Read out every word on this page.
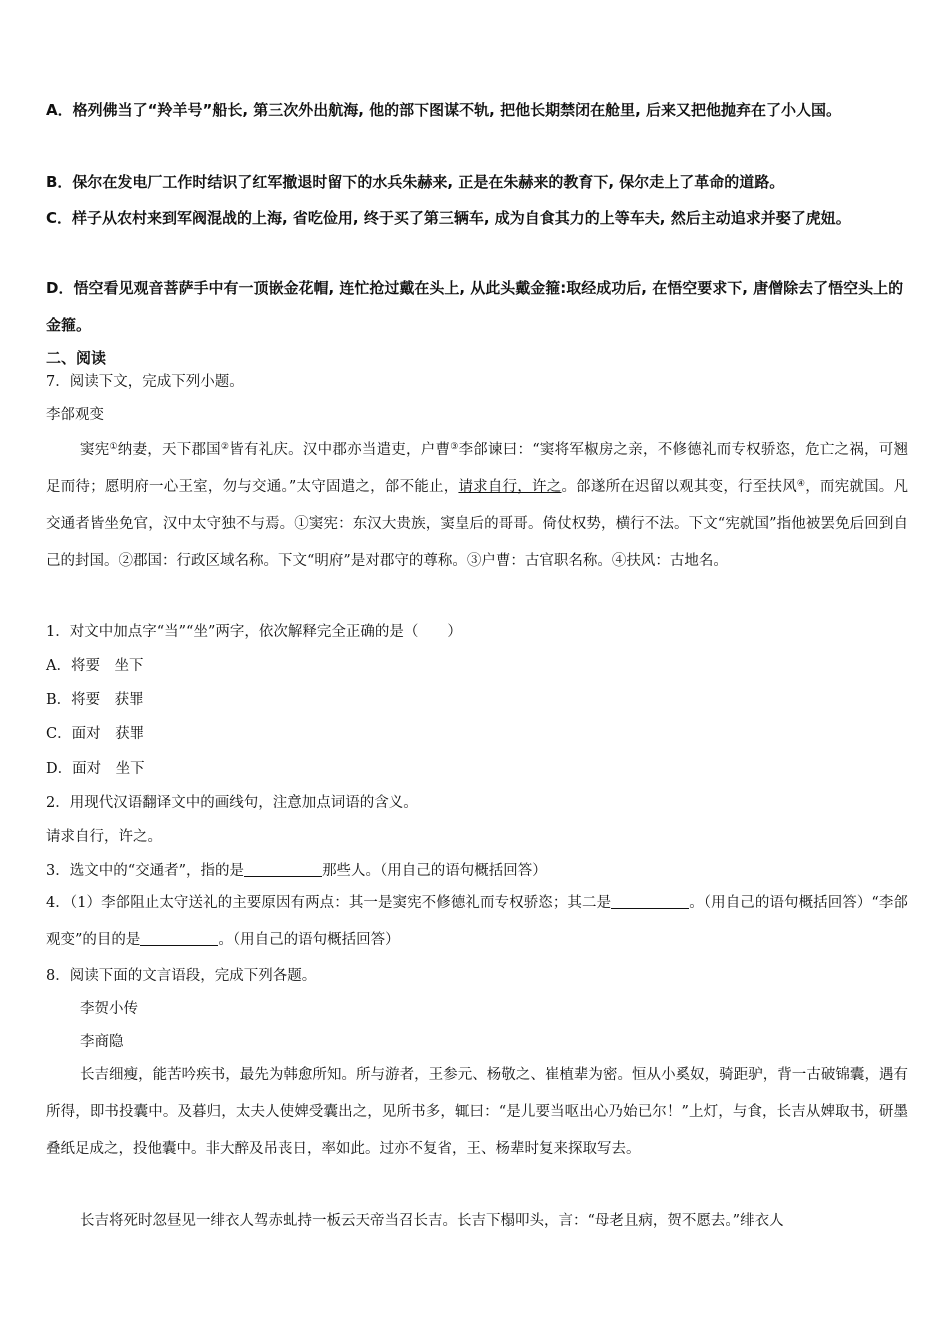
A．格列佛当了“羚羊号”船长, 第三次外出航海, 他的部下图谋不轨, 把他长期禁闭在舱里, 后来又把他抛弃在了小人国。

B．保尔在发电厂工作时结识了红军撤退时留下的水兵朱赫来, 正是在朱赫来的教育下, 保尔走上了革命的道路。

C．样子从农村来到军阀混战的上海, 省吃俭用, 终于买了第三辆车, 成为自食其力的上等车夫, 然后主动追求并娶了虎妞。

D．悟空看见观音菩萨手中有一顶嵌金花帽, 连忙抢过戴在头上, 从此头戴金箍:取经成功后, 在悟空要求下, 唐僧除去了悟空头上的金箍。

二、阅读

7．阅读下文，完成下列小题。

李郃观变

窦宪①纳妻，天下郡国②皆有礼庆。汉中郡亦当遣吏，户曹③李郃谏曰：“窦将军椒房之亲，不修德礼而专权骄恣，危亡之祸，可翘足而待；愿明府一心王室，勿与交通。”太守固遣之，郃不能止，请求自行，许之。郃遂所在迟留以观其变，行至扶风④，而宪就国。凡交通者皆坐免官，汉中太守独不与焉。①窦宪：东汉大贵族，窦皇后的哥哥。倚仗权势，横行不法。下文“宪就国”指他被罢免后回到自己的封国。②郡国：行政区域名称。下文“明府”是对郡守的尊称。③户曹：古官职名称。④扶风：古地名。

1．对文中加点字“当”“坐”两字，依次解释完全正确的是（　　）

A．将要　坐下

B．将要　获罪

C．面对　获罪

D．面对　坐下

2．用现代汉语翻译文中的画线句，注意加点词语的含义。

请求自行，许之。

3．选文中的“交通者”，指的是	那些人。（用自己的语句概括回答）

4．（1）李郃阻止太守送礼的主要原因有两点：其一是窦宪不修德礼而专权骄恣；其二是	。（用自己的语句概括回答）“李郃观变”的目的是	。（用自己的语句概括回答）

8．阅读下面的文言语段，完成下列各题。

李贺小传

李商隐

长吉细瘦，能苦吟疾书，最先为韩愈所知。所与游者，王参元、杨敬之、崔植辈为密。恒从小奚奴，骑距驴，背一古破锦囊，遇有所得，即书投囊中。及暮归，太夫人使婢受囊出之，见所书多，辄曰：“是儿要当呕出心乃始已尔！”上灯，与食，长吉从婢取书，研墨叠纸足成之，投他囊中。非大醉及吊丧日，率如此。过亦不复省，王、杨辈时复来探取写去。

长吉将死时忽昼见一绯衣人驾赤虬持一板云天帝当召长吉。长吉下榻叩头，言：“母老且病，贺不愿去。”绯衣人
